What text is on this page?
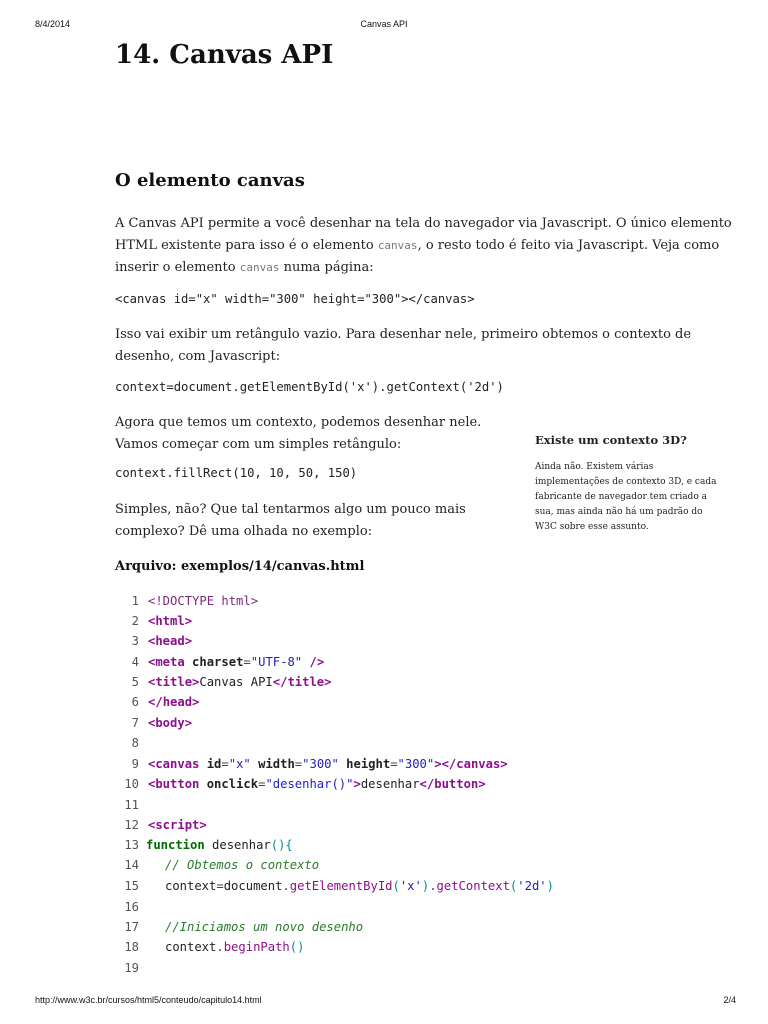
8/4/2014	Canvas API
14. Canvas API
O elemento canvas

A Canvas API permite a você desenhar na tela do navegador via Javascript. O único elemento HTML existente para isso é o elemento canvas, o resto todo é feito via Javascript. Veja como inserir o elemento canvas numa página:

<canvas id="x" width="300" height="300"></canvas>

Isso vai exibir um retângulo vazio. Para desenhar nele, primeiro obtemos o contexto de desenho, com Javascript:

context=document.getElementById('x').getContext('2d')

Agora que temos um contexto, podemos desenhar nele. Vamos começar com um simples retângulo:

context.fillRect(10, 10, 50, 150)

Simples, não? Que tal tentarmos algo um pouco mais complexo? Dê uma olhada no exemplo:

Existe um contexto 3D?
Ainda não. Existem várias implementações de contexto 3D, e cada fabricante de navegador tem criado a sua, mas ainda não há um padrão do W3C sobre esse assunto.
Arquivo: exemplos/14/canvas.html
1 <!DOCTYPE html>
2 <html>
3 <head>
4 <meta charset="UTF-8" />
5 <title>Canvas API</title>
6 </head>
7 <body>
8
9 <canvas id="x" width="300" height="300"></canvas>
10 <button onclick="desenhar()">desenhar</button>
11
12 <script>
13 function desenhar(){
14 // Obtemos o contexto
15 context=document.getElementById('x').getContext('2d')
16
17 //Iniciamos um novo desenho
18 context.beginPath()
19
http://www.w3c.br/cursos/html5/conteudo/capitulo14.html	2/4
